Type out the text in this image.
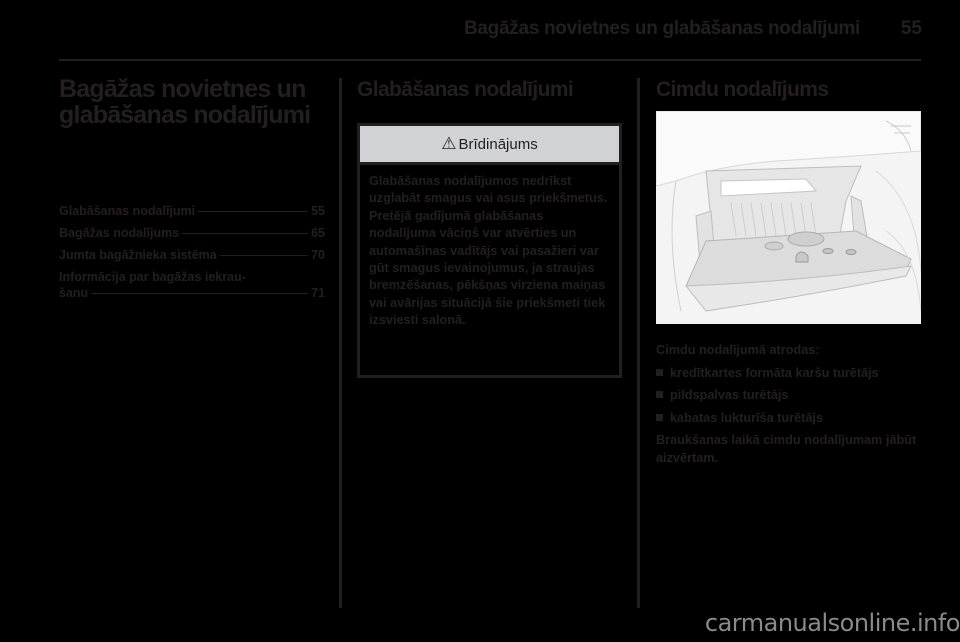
Bagāžas novietnes un glabāšanas nodalījumi	55
Bagāžas novietnes un glabāšanas nodalījumi
Glabāšanas nodalījumi	55
Bagāžas nodalījums	65
Jumta bagāžnieka sistēma	70
Informācija par bagāžas iekrau-
šanu	71
Glabāšanas nodalījumi
⚠ Brīdinājums
Glabāšanas nodalījumos nedrīkst uzglabāt smagus vai asus priekšmetus. Pretējā gadījumā glabāšanas nodalījuma vāciņš var atvērties un automašīnas vadītājs vai pasažieri var gūt smagus ievainojumus, ja straujas bremzēšanas, pēkšņas virziena maiņas vai avārijas situācijā šie priekšmeti tiek izsviesti salonā.
Cimdu nodalījums
Cimdu nodalījumā atrodas:
kredītkartes formāta karšu turētājs
pildspalvas turētājs
kabatas lukturīša turētājs
Braukšanas laikā cimdu nodalījumam jābūt aizvērtam.
carmanualsonline.info
